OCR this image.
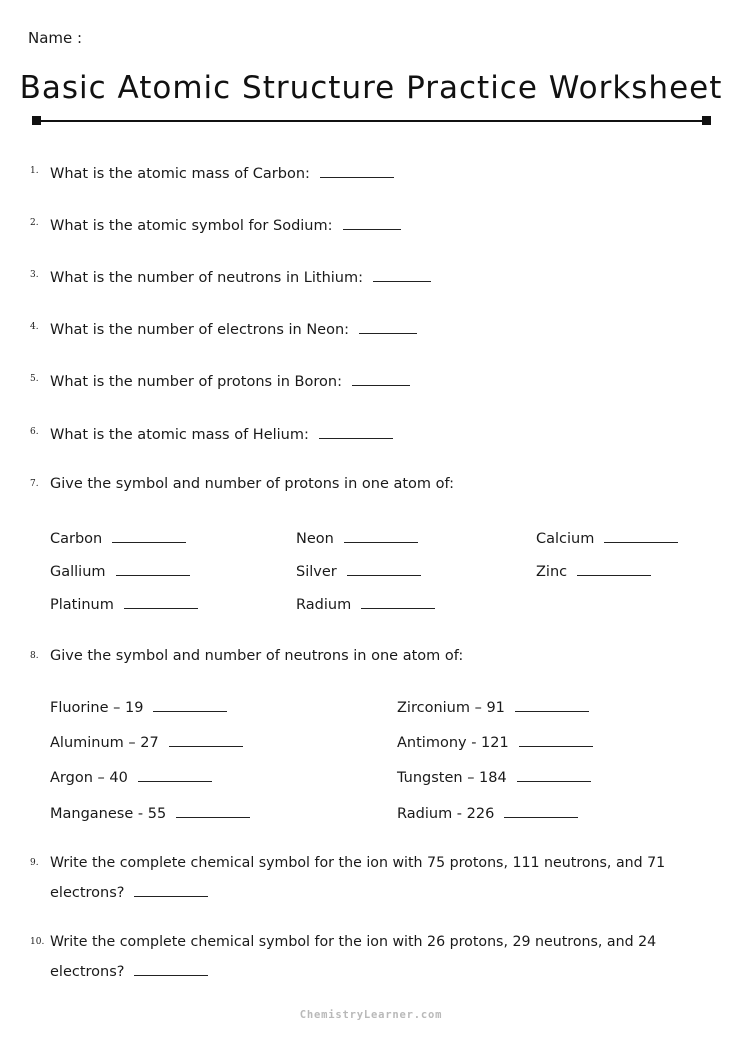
Name :
Basic Atomic Structure Practice Worksheet
1. What is the atomic mass of Carbon:
2. What is the atomic symbol for Sodium:
3. What is the number of neutrons in Lithium:
4. What is the number of electrons in Neon:
5. What is the number of protons in Boron:
6. What is the atomic mass of Helium:
7. Give the symbol and number of protons in one atom of:
Carbon	Neon	Calcium
Gallium	Silver	Zinc
Platinum	Radium
8. Give the symbol and number of neutrons in one atom of:
Fluorine – 19	Zirconium – 91
Aluminum – 27	Antimony - 121
Argon – 40	Tungsten – 184
Manganese - 55	Radium - 226
9. Write the complete chemical symbol for the ion with 75 protons, 111 neutrons, and 71
electrons?
10. Write the complete chemical symbol for the ion with 26 protons, 29 neutrons, and 24
electrons?
ChemistryLearner.com
